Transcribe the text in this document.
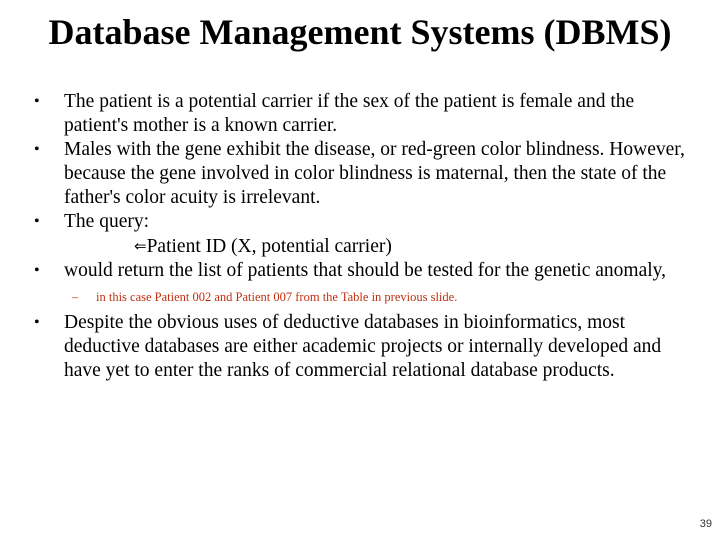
Database Management Systems (DBMS)
• The patient is a potential carrier if the sex of the patient is female and the patient's mother is a known carrier.
• Males with the gene exhibit the disease, or red-green color blindness. However, because the gene involved in color blindness is maternal, then the state of the father's color acuity is irrelevant.
• The query:
⇐Patient ID (X, potential carrier)
• would return the list of patients that should be tested for the genetic anomaly,
– in this case Patient 002 and Patient 007 from the Table in previous slide.
• Despite the obvious uses of deductive databases in bioinformatics, most deductive databases are either academic projects or internally developed and have yet to enter the ranks of commercial relational database products.
39
